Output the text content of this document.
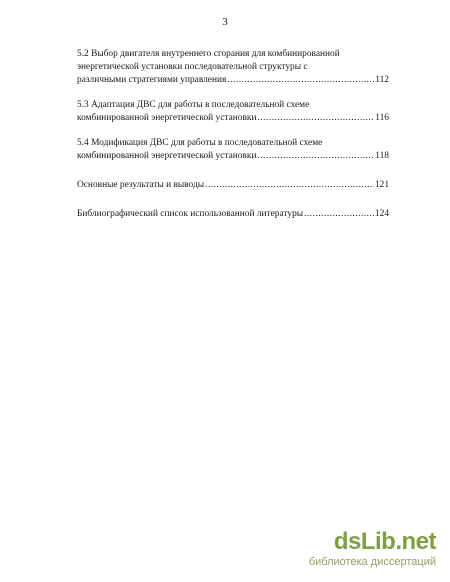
3
5.2 Выбор двигателя внутреннего сгорания для комбинированной
энергетической установки последовательной структуры с
различными стратегиями управления .....	112
5.3 Адаптация ДВС для работы в последовательной схеме
комбинированной энергетической установки .....	116
5.4 Модификация ДВС для работы в последовательной схеме
комбинированной энергетической установки .....	118
Основные результаты и выводы .....	121
Библиографический список использованной литературы .....	124
dsLib.net
библиотека диссертаций
